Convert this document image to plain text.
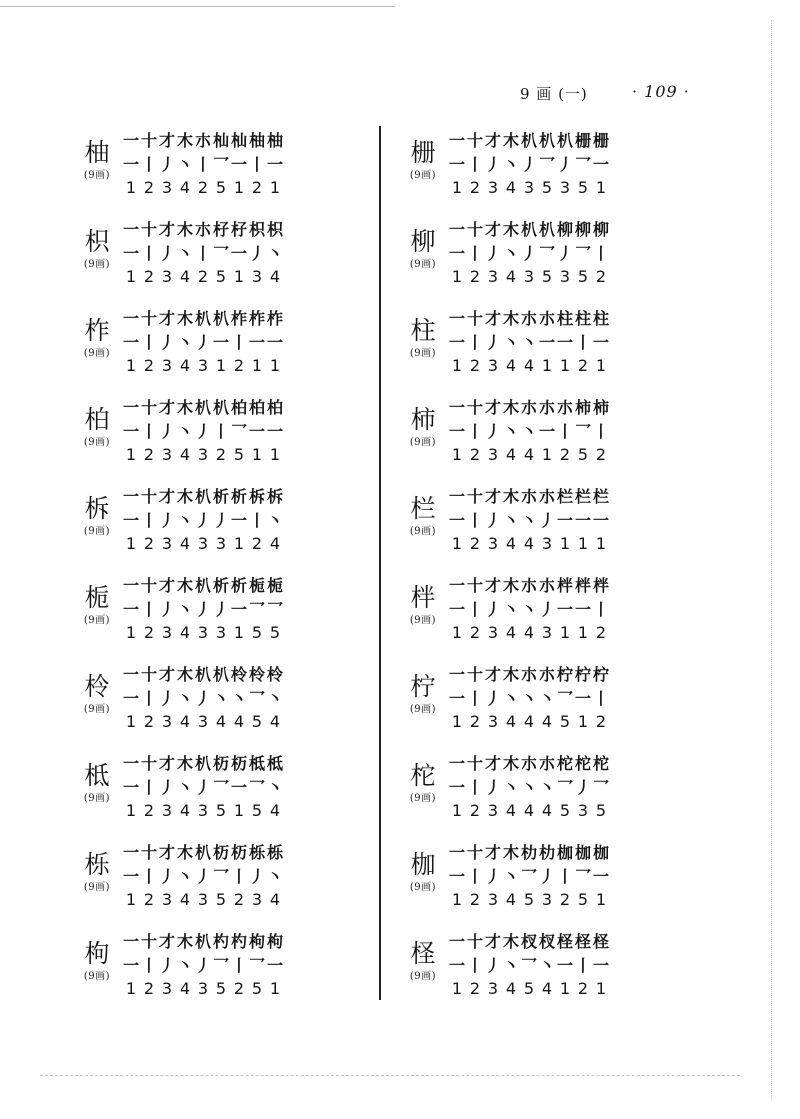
9 画 (一)	· 109 ·
柚
(9画)
一 十 才 木 朩 杣 杣 柚 柚
一 丨 丿 丶 丨 乛 一 丨 一
1 2 3 4 2 5 1 2 1
枳
(9画)
一 十 才 木 朩 杍 杍 枳 枳
一 丨 丿 丶 丨 乛 一 丿 丶
1 2 3 4 2 5 1 3 4
柞
(9画)
一 十 才 木 朳 朳 柞 柞 柞
一 丨 丿 丶 丿 一 丨 一 一
1 2 3 4 3 1 2 1 1
柏
(9画)
一 十 才 木 朳 朳 柏 柏 柏
一 丨 丿 丶 丿 丨 乛 一 一
1 2 3 4 3 2 5 1 1
柝
(9画)
一 十 才 木 朳 析 析 柝 柝
一 丨 丿 丶 丿 丿 一 丨 丶
1 2 3 4 3 3 1 2 4
栀
(9画)
一 十 才 木 朳 析 析 栀 栀
一 丨 丿 丶 丿 丿 一 乛 乛
1 2 3 4 3 3 1 5 5
柃
(9画)
一 十 才 木 朳 朳 柃 柃 柃
一 丨 丿 丶 丿 丶 丶 乛 丶
1 2 3 4 3 4 4 5 4
柢
(9画)
一 十 才 木 朳 杤 杤 柢 柢
一 丨 丿 丶 丿 乛 一 乛 丶
1 2 3 4 3 5 1 5 4
栎
(9画)
一 十 才 木 朳 杤 杤 栎 栎
一 丨 丿 丶 丿 乛 丨 丿 丶
1 2 3 4 3 5 2 3 4
枸
(9画)
一 十 才 木 朳 杓 杓 枸 枸
一 丨 丿 丶 丿 乛 丨 乛 一
1 2 3 4 3 5 2 5 1
栅
(9画)
一 十 才 木 朳 朳 朳 栅 栅
一 丨 丿 丶 丿 乛 丿 乛 一
1 2 3 4 3 5 3 5 1
柳
(9画)
一 十 才 木 朳 朳 柳 柳 柳
一 丨 丿 丶 丿 乛 丿 乛 丨
1 2 3 4 3 5 3 5 2
柱
(9画)
一 十 才 木 朩 朩 柱 柱 柱
一 丨 丿 丶 丶 一 一 丨 一
1 2 3 4 4 1 1 2 1
柿
(9画)
一 十 才 木 朩 朩 朩 柿 柿
一 丨 丿 丶 丶 一 丨 乛 丨
1 2 3 4 4 1 2 5 2
栏
(9画)
一 十 才 木 朩 朩 栏 栏 栏
一 丨 丿 丶 丶 丿 一 一 一
1 2 3 4 4 3 1 1 1
柈
(9画)
一 十 才 木 朩 朩 柈 柈 柈
一 丨 丿 丶 丶 丿 一 一 丨
1 2 3 4 4 3 1 1 2
柠
(9画)
一 十 才 木 朩 朩 柠 柠 柠
一 丨 丿 丶 丶 丶 乛 一 丨
1 2 3 4 4 4 5 1 2
柁
(9画)
一 十 才 木 朩 朩 柁 柁 柁
一 丨 丿 丶 丶 丶 乛 丿 乛
1 2 3 4 4 4 5 3 5
枷
(9画)
一 十 才 木 朸 朸 枷 枷 枷
一 丨 丿 丶 乛 丿 丨 乛 一
1 2 3 4 5 3 2 5 1
柽
(9画)
一 十 才 木 杈 杈 柽 柽 柽
一 丨 丿 丶 乛 丶 一 丨 一
1 2 3 4 5 4 1 2 1
